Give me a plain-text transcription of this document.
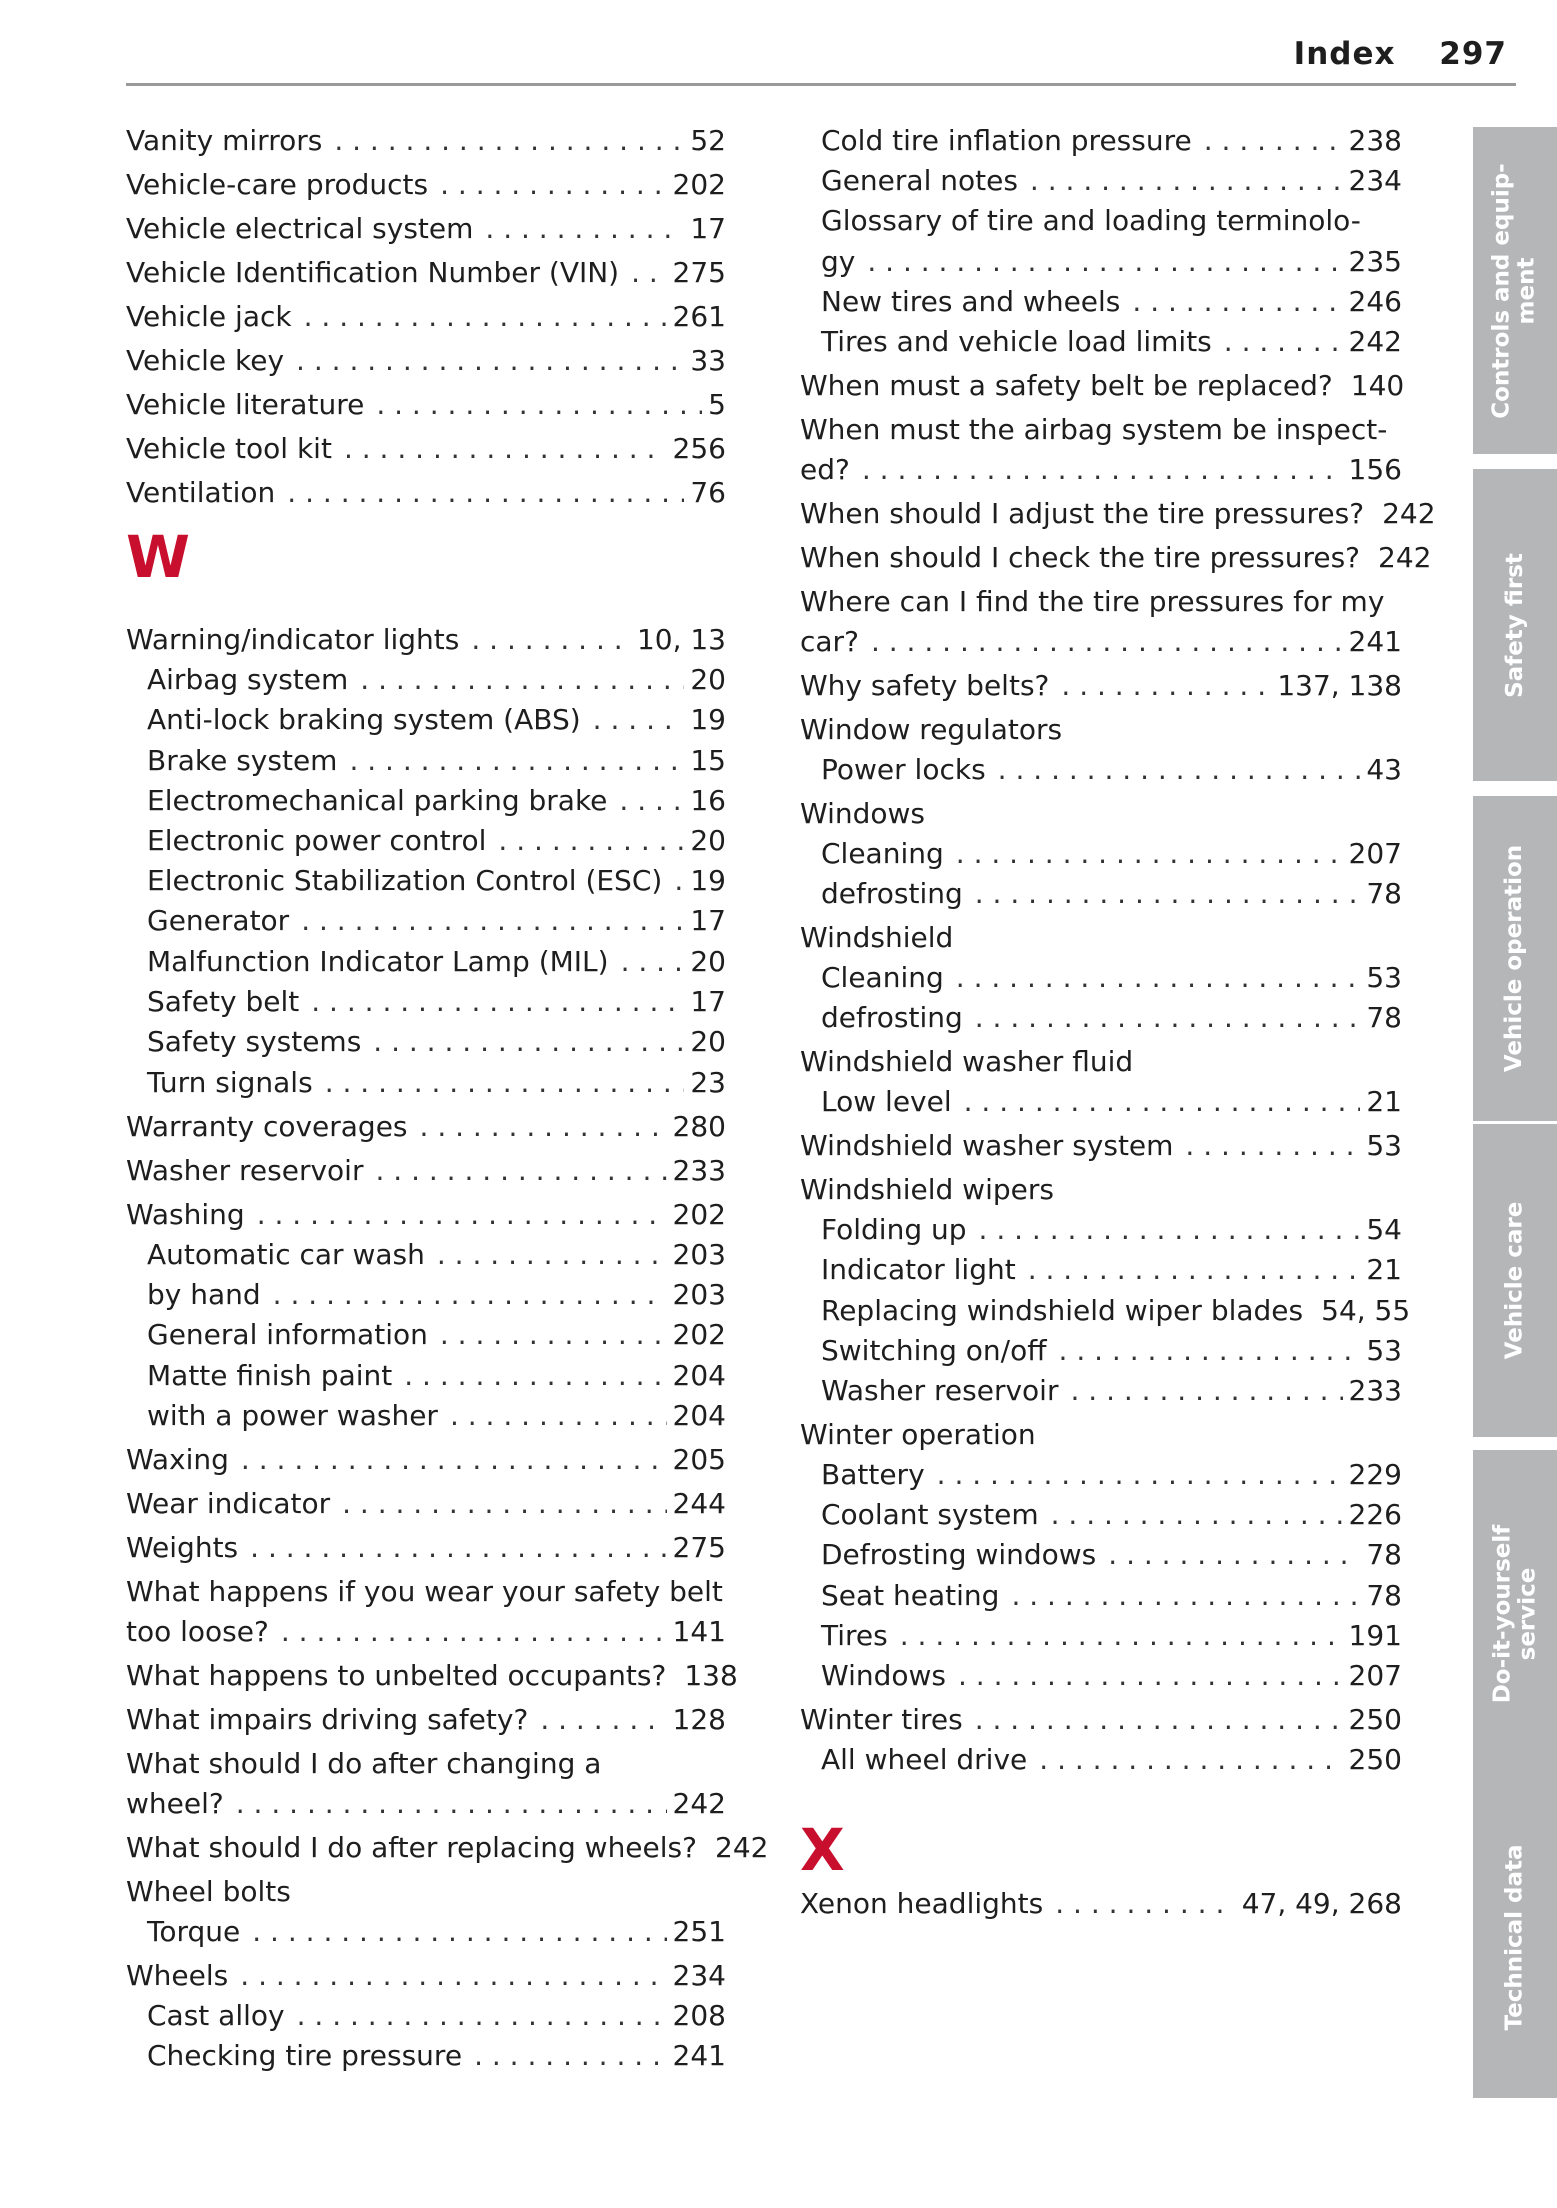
Index 297
Vanity mirrors . . .	52
Vehicle-care products . . .	202
Vehicle electrical system . . .	17
Vehicle Identification Number (VIN) . . . 275
Vehicle jack . . .	261
Vehicle key . . .	33
Vehicle literature . . .	5
Vehicle tool kit . . .	256
Ventilation . . .	76
W
Warning/indicator lights . . .	10, 13
Airbag system . . .	20
Anti-lock braking system (ABS) . . .	19
Brake system . . .	15
Electromechanical parking brake . . .	16
Electronic power control . . .	20
Electronic Stabilization Control (ESC) . . . 19
Generator . . .	17
Malfunction Indicator Lamp (MIL) . . .	20
Safety belt . . .	17
Safety systems . . .	20
Turn signals . . .	23
Warranty coverages . . .	280
Washer reservoir . . .	233
Washing . . .	202
Automatic car wash . . .	203
by hand . . .	203
General information . . .	202
Matte finish paint . . .	204
with a power washer . . .	204
Waxing . . .	205
Wear indicator . . .	244
Weights . . .	275
What happens if you wear your safety belt
too loose? . . .	141
What happens to unbelted occupants? 138
What impairs driving safety? . . .	128
What should I do after changing a
wheel? . . .	242
What should I do after replacing wheels? 242
Wheel bolts
Torque . . .	251
Wheels . . .	234
Cast alloy . . .	208
Checking tire pressure . . .	241
Cold tire inflation pressure . . .	238
General notes . . .	234
Glossary of tire and loading terminolo-
gy . . .	235
New tires and wheels . . .	246
Tires and vehicle load limits . . .	242
When must a safety belt be replaced? 140
When must the airbag system be inspect-
ed? . . .	156
When should I adjust the tire pressures? 242
When should I check the tire pressures? 242
Where can I find the tire pressures for my
car? . . .	241
Why safety belts? . . .	137, 138
Window regulators
Power locks . . .	43
Windows
Cleaning . . .	207
defrosting . . .	78
Windshield
Cleaning . . .	53
defrosting . . .	78
Windshield washer fluid
Low level . . .	21
Windshield washer system . . .	53
Windshield wipers
Folding up . . .	54
Indicator light . . .	21
Replacing windshield wiper blades 54, 55
Switching on/off . . .	53
Washer reservoir . . .	233
Winter operation
Battery . . .	229
Coolant system . . .	226
Defrosting windows . . .	78
Seat heating . . .	78
Tires . . .	191
Windows . . .	207
Winter tires . . .	250
All wheel drive . . .	250
X
Xenon headlights . . .	47, 49, 268
Controls and equip-
ment
Safety first
Vehicle operation
Vehicle care
Do-it-yourself
service
Technical data
